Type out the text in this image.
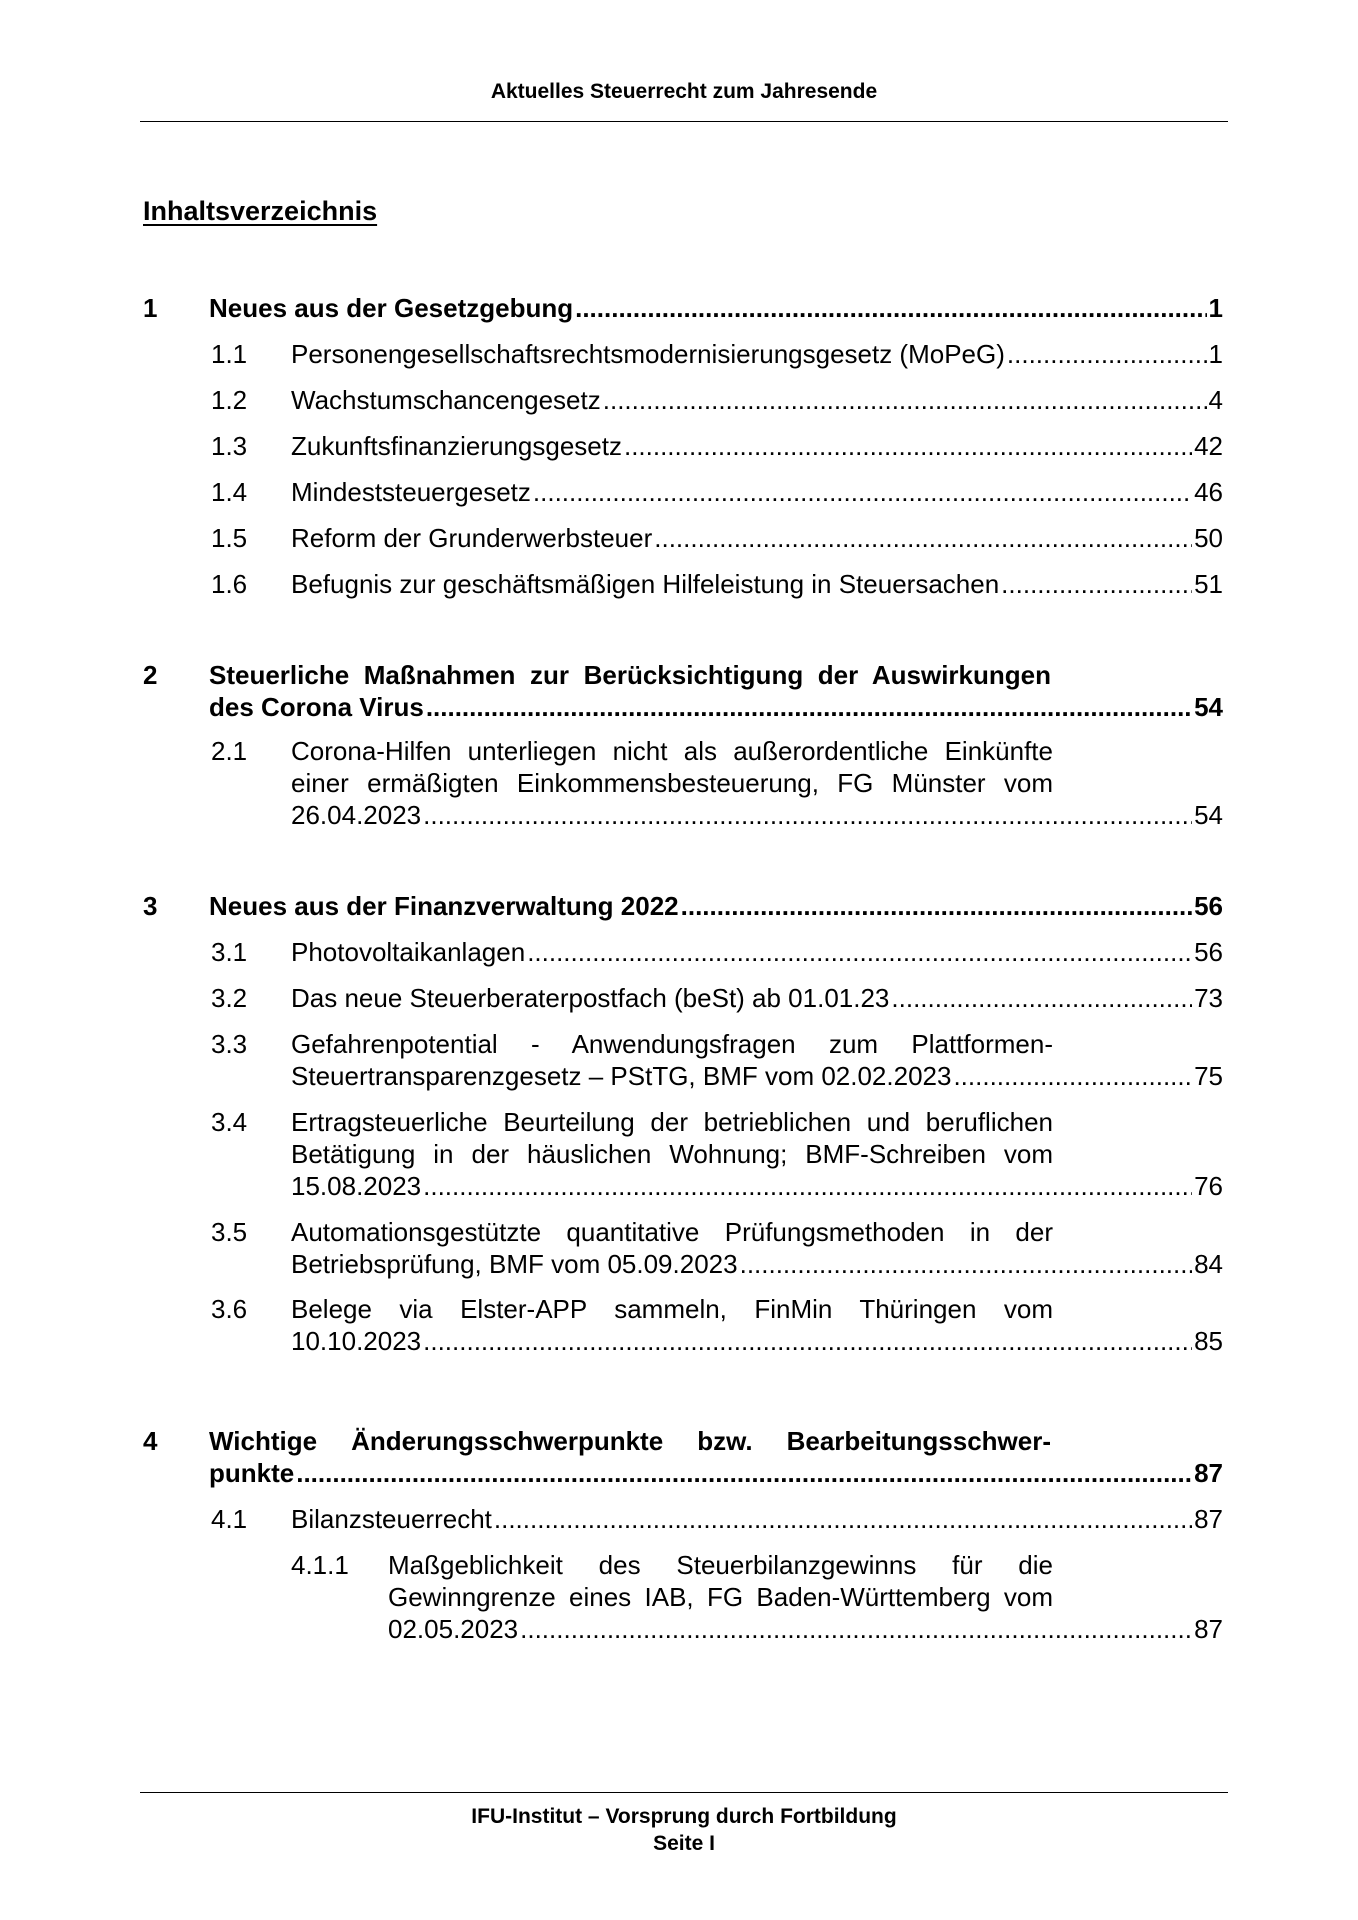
Aktuelles Steuerrecht zum Jahresende
Inhaltsverzeichnis
1 Neues aus der Gesetzgebung .....	1
1.1 Personengesellschaftsrechtsmodernisierungsgesetz (MoPeG) .....	1
1.2 Wachstumschancengesetz .....	4
1.3 Zukunftsfinanzierungsgesetz .....	42
1.4 Mindeststeuergesetz .....	46
1.5 Reform der Grunderwerbsteuer .....	50
1.6 Befugnis zur geschäftsmäßigen Hilfeleistung in Steuersachen .....	51
2 Steuerliche Maßnahmen zur Berücksichtigung der Auswirkungen
des Corona Virus .....	54
2.1 Corona-Hilfen unterliegen nicht als außerordentliche Einkünfte
einer ermäßigten Einkommensbesteuerung, FG Münster vom
26.04.2023 .....	54
3 Neues aus der Finanzverwaltung 2022 .....	56
3.1 Photovoltaikanlagen .....	56
3.2 Das neue Steuerberaterpostfach (beSt) ab 01.01.23 .....	73
3.3 Gefahrenpotential - Anwendungsfragen zum Plattformen-
Steuertransparenzgesetz – PStTG, BMF vom 02.02.2023 .....	75
3.4 Ertragsteuerliche Beurteilung der betrieblichen und beruflichen
Betätigung in der häuslichen Wohnung; BMF-Schreiben vom
15.08.2023 .....	76
3.5 Automationsgestützte quantitative Prüfungsmethoden in der
Betriebsprüfung, BMF vom 05.09.2023 .....	84
3.6 Belege via Elster-APP sammeln, FinMin Thüringen vom
10.10.2023 .....	85
4 Wichtige Änderungsschwerpunkte bzw. Bearbeitungsschwer-
punkte .....	87
4.1 Bilanzsteuerrecht .....	87
4.1.1 Maßgeblichkeit des Steuerbilanzgewinns für die
Gewinngrenze eines IAB, FG Baden-Württemberg vom
02.05.2023 .....	87
IFU-Institut – Vorsprung durch Fortbildung
Seite I
